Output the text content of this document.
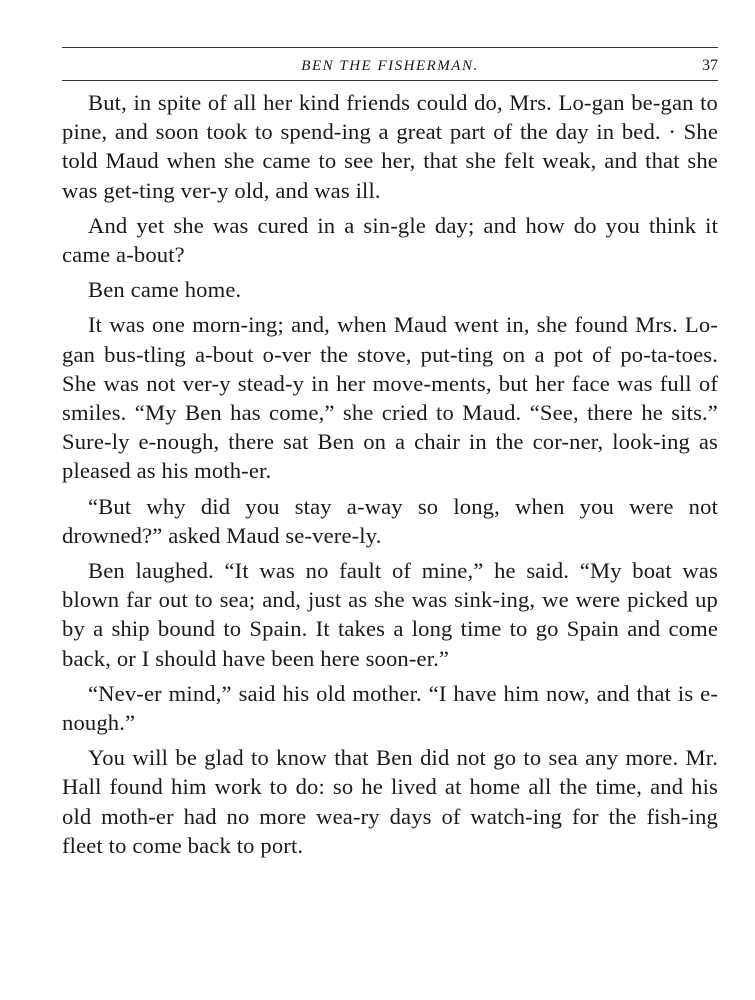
BEN THE FISHERMAN.	37

But, in spite of all her kind friends could do, Mrs. Lo-gan be-gan to pine, and soon took to spend-ing a great part of the day in bed. · She told Maud when she came to see her, that she felt weak, and that she was get-ting ver-y old, and was ill.

And yet she was cured in a sin-gle day; and how do you think it came a-bout?

Ben came home.

It was one morn-ing; and, when Maud went in, she found Mrs. Lo-gan bus-tling a-bout o-ver the stove, put-ting on a pot of po-ta-toes. She was not ver-y stead-y in her move-ments, but her face was full of smiles. “My Ben has come,” she cried to Maud. “See, there he sits.” Sure-ly e-nough, there sat Ben on a chair in the cor-ner, look-ing as pleased as his moth-er.

“But why did you stay a-way so long, when you were not drowned?” asked Maud se-vere-ly.

Ben laughed. “It was no fault of mine,” he said. “My boat was blown far out to sea; and, just as she was sink-ing, we were picked up by a ship bound to Spain. It takes a long time to go Spain and come back, or I should have been here soon-er.”

“Nev-er mind,” said his old mother. “I have him now, and that is e-nough.”

You will be glad to know that Ben did not go to sea any more. Mr. Hall found him work to do: so he lived at home all the time, and his old moth-er had no more wea-ry days of watch-ing for the fish-ing fleet to come back to port.
